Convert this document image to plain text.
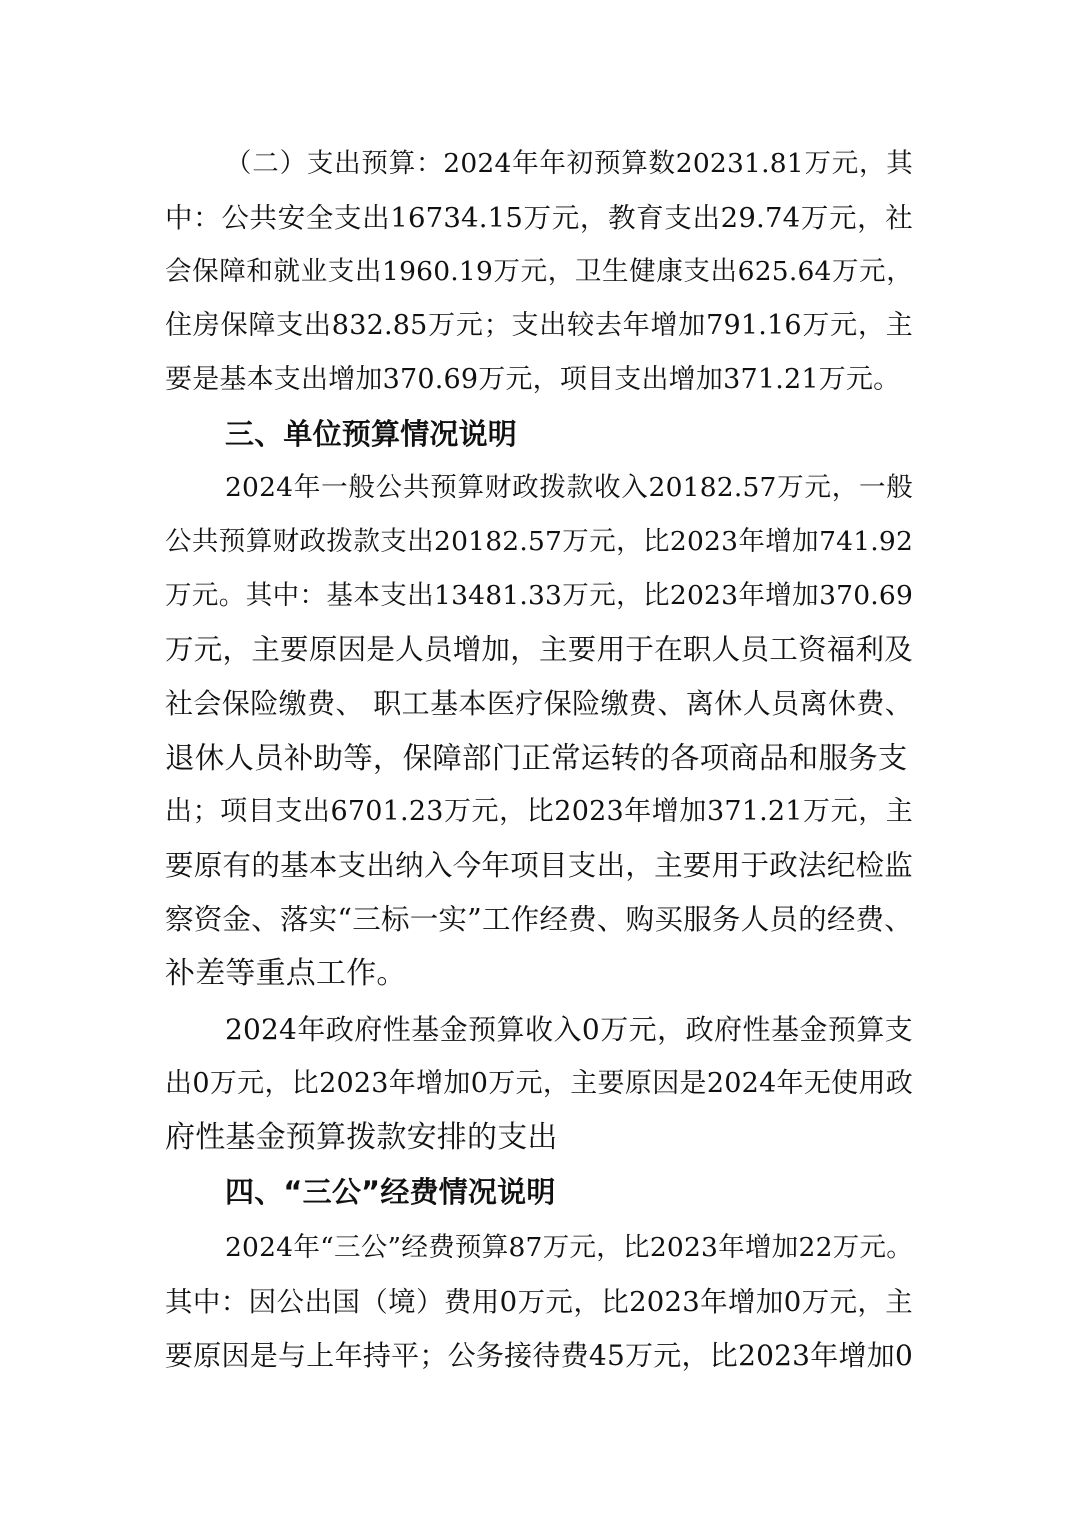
（二）支出预算：2024年年初预算数20231.81万元，其
中：公共安全支出16734.15万元，教育支出29.74万元，社
会保障和就业支出1960.19万元，卫生健康支出625.64万元，
住房保障支出832.85万元；支出较去年增加791.16万元，主
要是基本支出增加370.69万元，项目支出增加371.21万元。
三、单位预算情况说明
2024年一般公共预算财政拨款收入20182.57万元，一般
公共预算财政拨款支出20182.57万元，比2023年增加741.92
万元。其中：基本支出13481.33万元，比2023年增加370.69
万元，主要原因是人员增加，主要用于在职人员工资福利及
社会保险缴费、 职工基本医疗保险缴费、离休人员离休费、
退休人员补助等，保障部门正常运转的各项商品和服务支
出；项目支出6701.23万元，比2023年增加371.21万元，主
要原有的基本支出纳入今年项目支出，主要用于政法纪检监
察资金、落实“三标一实”工作经费、购买服务人员的经费、
补差等重点工作。
2024年政府性基金预算收入0万元，政府性基金预算支
出0万元，比2023年增加0万元，主要原因是2024年无使用政
府性基金预算拨款安排的支出
四、“三公”经费情况说明
2024年“三公”经费预算87万元，比2023年增加22万元。
其中：因公出国（境）费用0万元，比2023年增加0万元，主
要原因是与上年持平；公务接待费45万元，比2023年增加0
